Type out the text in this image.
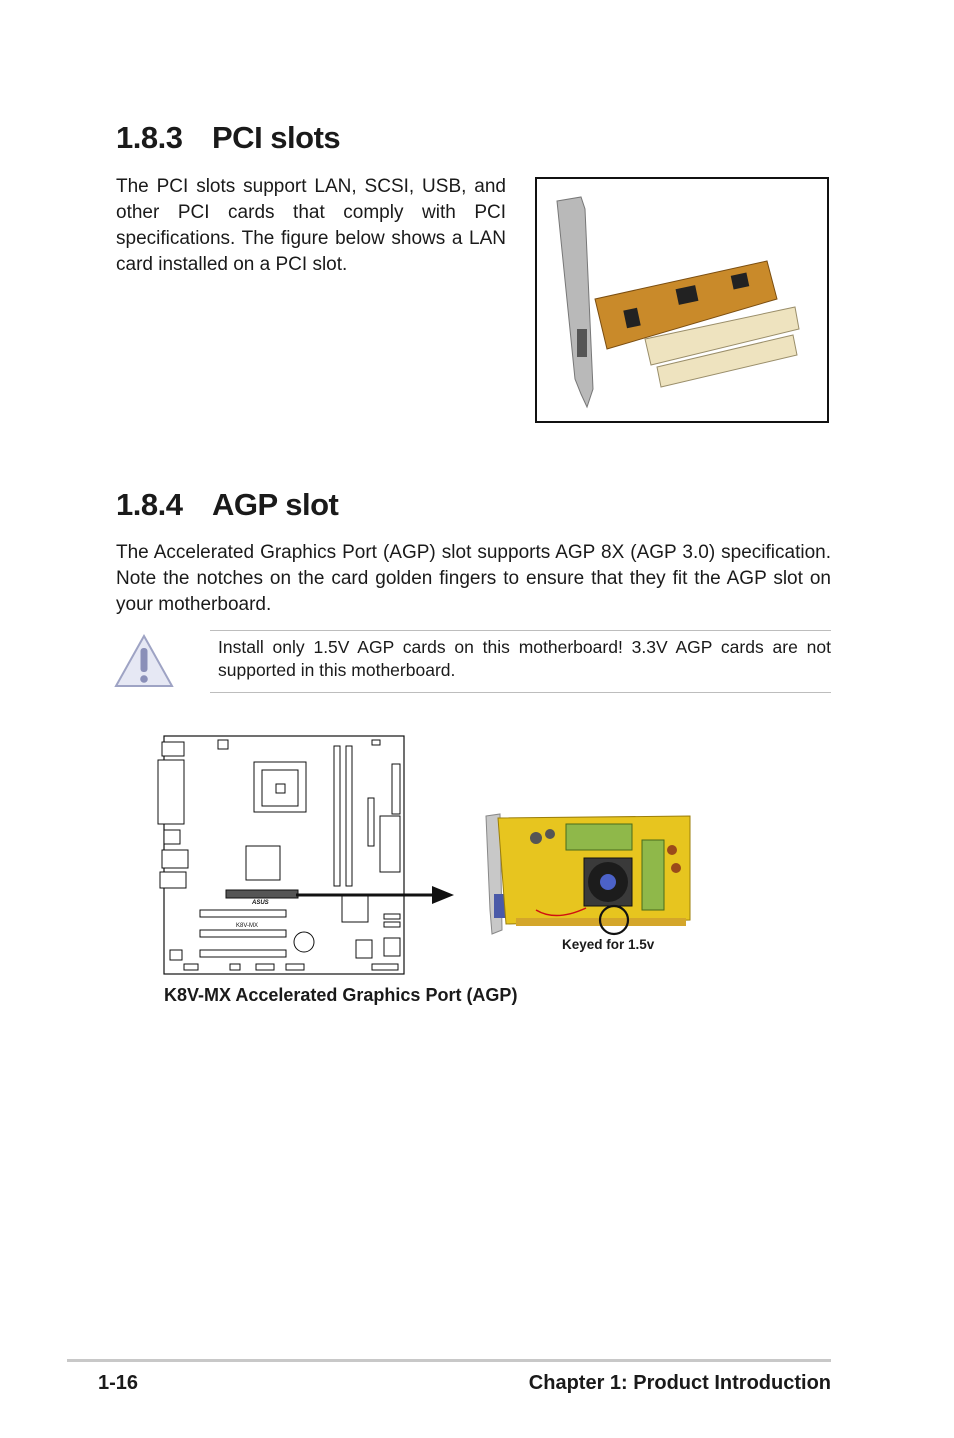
1.8.3 PCI slots

The PCI slots support LAN, SCSI, USB, and other PCI cards that comply with PCI specifications. The figure below shows a LAN card installed on a PCI slot.

1.8.4 AGP slot

The Accelerated Graphics Port (AGP) slot supports AGP 8X (AGP 3.0) specification. Note the notches on the card golden fingers to ensure that they fit the AGP slot on your motherboard.

Install only 1.5V AGP cards on this motherboard! 3.3V AGP cards are not supported in this motherboard.

ASUS
K8V-MX
Keyed for 1.5v
K8V-MX Accelerated Graphics Port (AGP)
1-16	Chapter 1: Product Introduction
